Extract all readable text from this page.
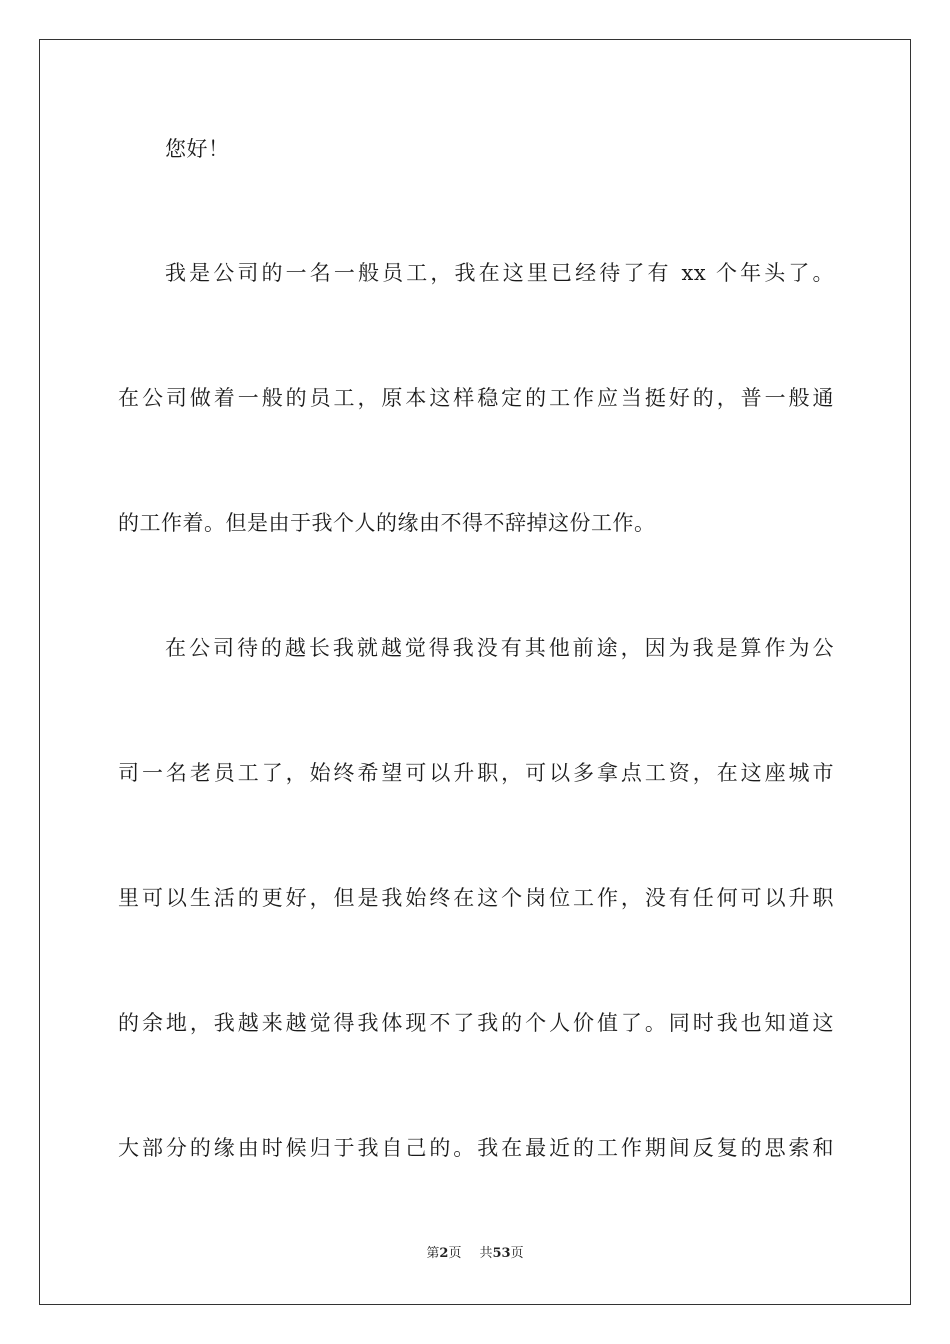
您好！
我是公司的一名一般员工，我在这里已经待了有 xx 个年头了。
在公司做着一般的员工，原本这样稳定的工作应当挺好的，普一般通
的工作着。但是由于我个人的缘由不得不辞掉这份工作。
在公司待的越长我就越觉得我没有其他前途，因为我是算作为公
司一名老员工了，始终希望可以升职，可以多拿点工资，在这座城市
里可以生活的更好，但是我始终在这个岗位工作，没有任何可以升职
的余地，我越来越觉得我体现不了我的个人价值了。同时我也知道这
大部分的缘由时候归于我自己的。我在最近的工作期间反复的思索和
第2页 共53页
